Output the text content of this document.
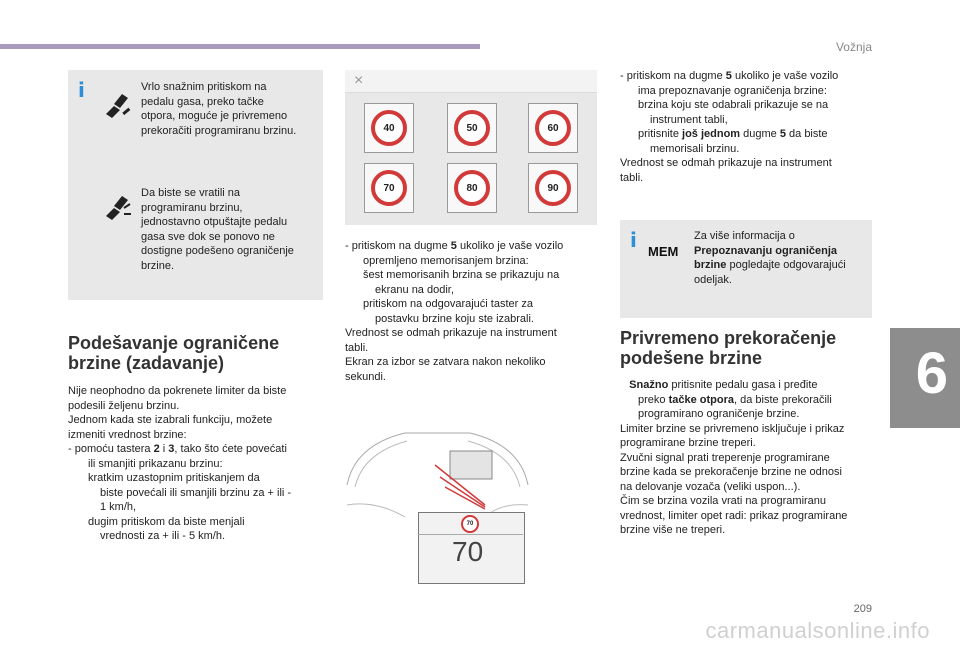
Vožnja
6
209
carmanualsonline.info
i	Vrlo snažnim pritiskom na
pedalu gasa, preko tačke
otpora, moguće je privremeno
prekoračiti programiranu brzinu.
Da biste se vratili na
programiranu brzinu,
jednostavno otpuštajte pedalu
gasa sve dok se ponovo ne
dostigne podešeno ograničenje
brzine.
Podešavanje ograničene
brzine (zadavanje)
Nije neophodno da pokrenete limiter da biste
podesili željenu brzinu.
Jednom kada ste izabrali funkciju, možete
izmeniti vrednost brzine:
- pomoću tastera 2 i 3, tako što ćete povećati
ili smanjiti prikazanu brzinu:
kratkim uzastopnim pritiskanjem da
biste povećali ili smanjili brzinu za + ili -
1 km/h,
dugim pritiskom da biste menjali
vrednosti za + ili - 5 km/h.
×
40	50	60
70	80	90
- pritiskom na dugme 5 ukoliko je vaše vozilo
opremljeno memorisanjem brzina:
šest memorisanih brzina se prikazuju na
ekranu na dodir,
pritiskom na odgovarajući taster za
postavku brzine koju ste izabrali.
Vrednost se odmah prikazuje na instrument
tabli.
Ekran za izbor se zatvara nakon nekoliko
sekundi.
70
70
- pritiskom na dugme 5 ukoliko je vaše vozilo
ima prepoznavanje ograničenja brzine:
brzina koju ste odabrali prikazuje se na
instrument tabli,
pritisnite još jednom dugme 5 da biste
memorisali brzinu.
Vrednost se odmah prikazuje na instrument
tabli.
i MEM
Za više informacija o
Prepoznavanju ograničenja
brzine pogledajte odgovarajući
odeljak.
Privremeno prekoračenje
podešene brzine
Snažno pritisnite pedalu gasa i pređite
preko tačke otpora, da biste prekoračili
programirano ograničenje brzine.
Limiter brzine se privremeno isključuje i prikaz
programirane brzine treperi.
Zvučni signal prati treperenje programirane
brzine kada se prekoračenje brzine ne odnosi
na delovanje vozača (veliki uspon...).
Čim se brzina vozila vrati na programiranu
vrednost, limiter opet radi: prikaz programirane
brzine više ne treperi.
